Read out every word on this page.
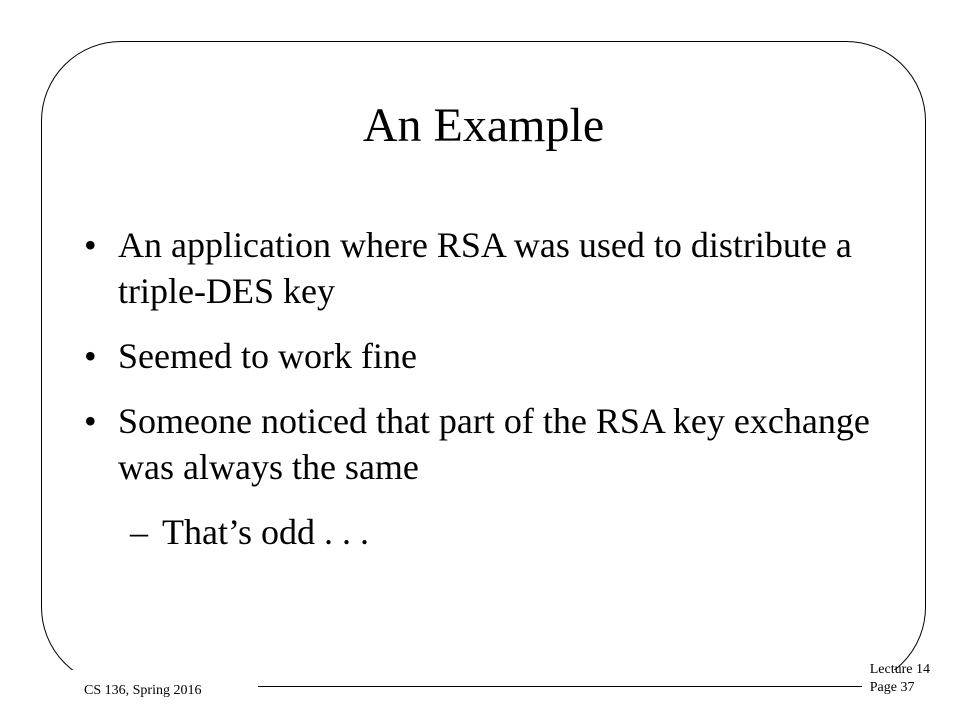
An Example
• An application where RSA was used to distribute a triple-DES key
• Seemed to work fine
• Someone noticed that part of the RSA key exchange was always the same
– That’s odd . . .
CS 136, Spring 2016
Lecture 14
Page 37
